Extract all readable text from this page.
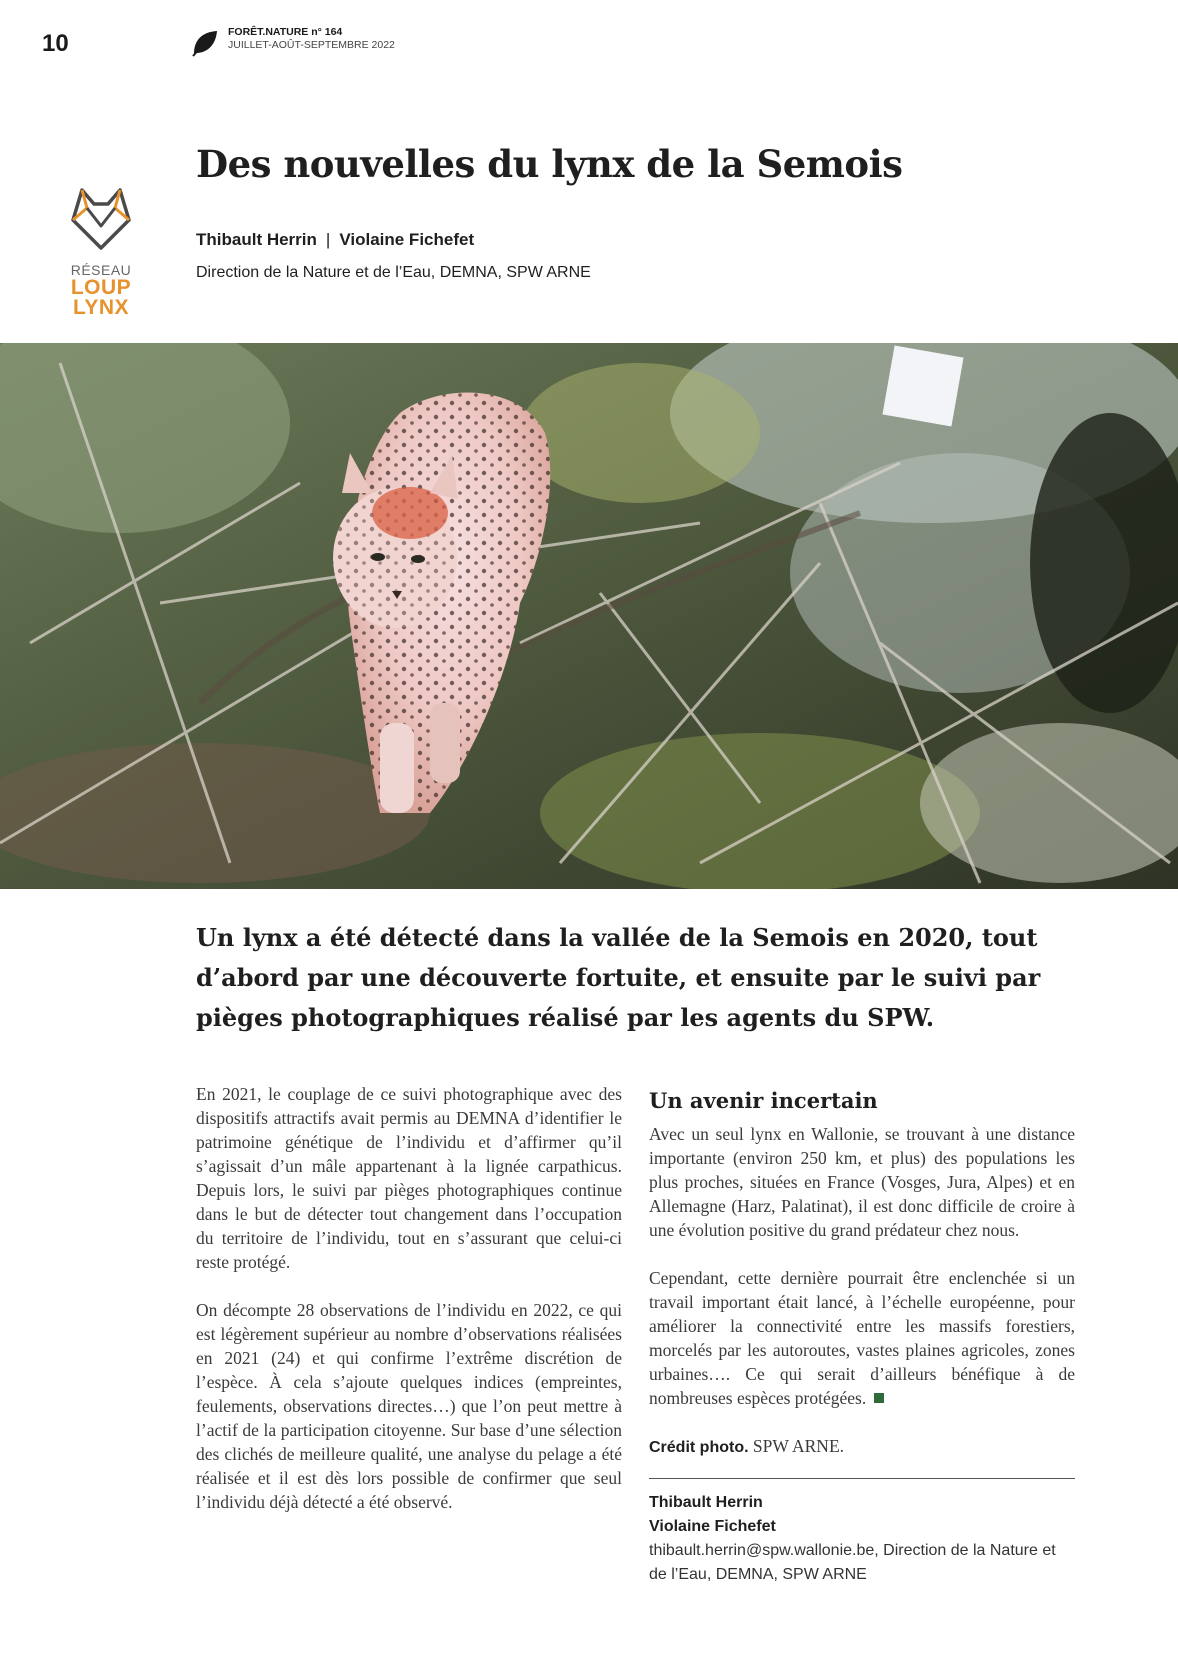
10	FORÊT.NATURE n° 164
JUILLET-AOÛT-SEPTEMBRE 2022
RÉSEAU
LOUP
LYNX
Des nouvelles du lynx de la Semois
Thibault Herrin | Violaine Fichefet
Direction de la Nature et de l’Eau, DEMNA, SPW ARNE

Un lynx a été détecté dans la vallée de la Semois en 2020, tout d’abord par une découverte fortuite, et ensuite par le suivi par pièges photographiques réalisé par les agents du SPW.

En 2021, le couplage de ce suivi photographique avec des dispositifs attractifs avait permis au DEMNA d’identifier le patrimoine génétique de l’individu et d’affirmer qu’il s’agissait d’un mâle appartenant à la lignée carpathicus. Depuis lors, le suivi par pièges photographiques continue dans le but de détecter tout changement dans l’occupation du territoire de l’individu, tout en s’assurant que celui-ci reste protégé.

On décompte 28 observations de l’individu en 2022, ce qui est légèrement supérieur au nombre d’observations réalisées en 2021 (24) et qui confirme l’extrême discrétion de l’espèce. À cela s’ajoute quelques indices (empreintes, feulements, observations directes…) que l’on peut mettre à l’actif de la participation citoyenne. Sur base d’une sélection des clichés de meilleure qualité, une analyse du pelage a été réalisée et il est dès lors possible de confirmer que seul l’individu déjà détecté a été observé.

Un avenir incertain

Avec un seul lynx en Wallonie, se trouvant à une distance importante (environ 250 km, et plus) des populations les plus proches, situées en France (Vosges, Jura, Alpes) et en Allemagne (Harz, Palatinat), il est donc difficile de croire à une évolution positive du grand prédateur chez nous.

Cependant, cette dernière pourrait être enclenchée si un travail important était lancé, à l’échelle européenne, pour améliorer la connectivité entre les massifs forestiers, morcelés par les autoroutes, vastes plaines agricoles, zones urbaines…. Ce qui serait d’ailleurs bénéfique à de nombreuses espèces protégées.

Crédit photo. SPW ARNE.

Thibault Herrin
Violaine Fichefet

thibault.herrin@spw.wallonie.be, Direction de la Nature et de l’Eau, DEMNA, SPW ARNE
